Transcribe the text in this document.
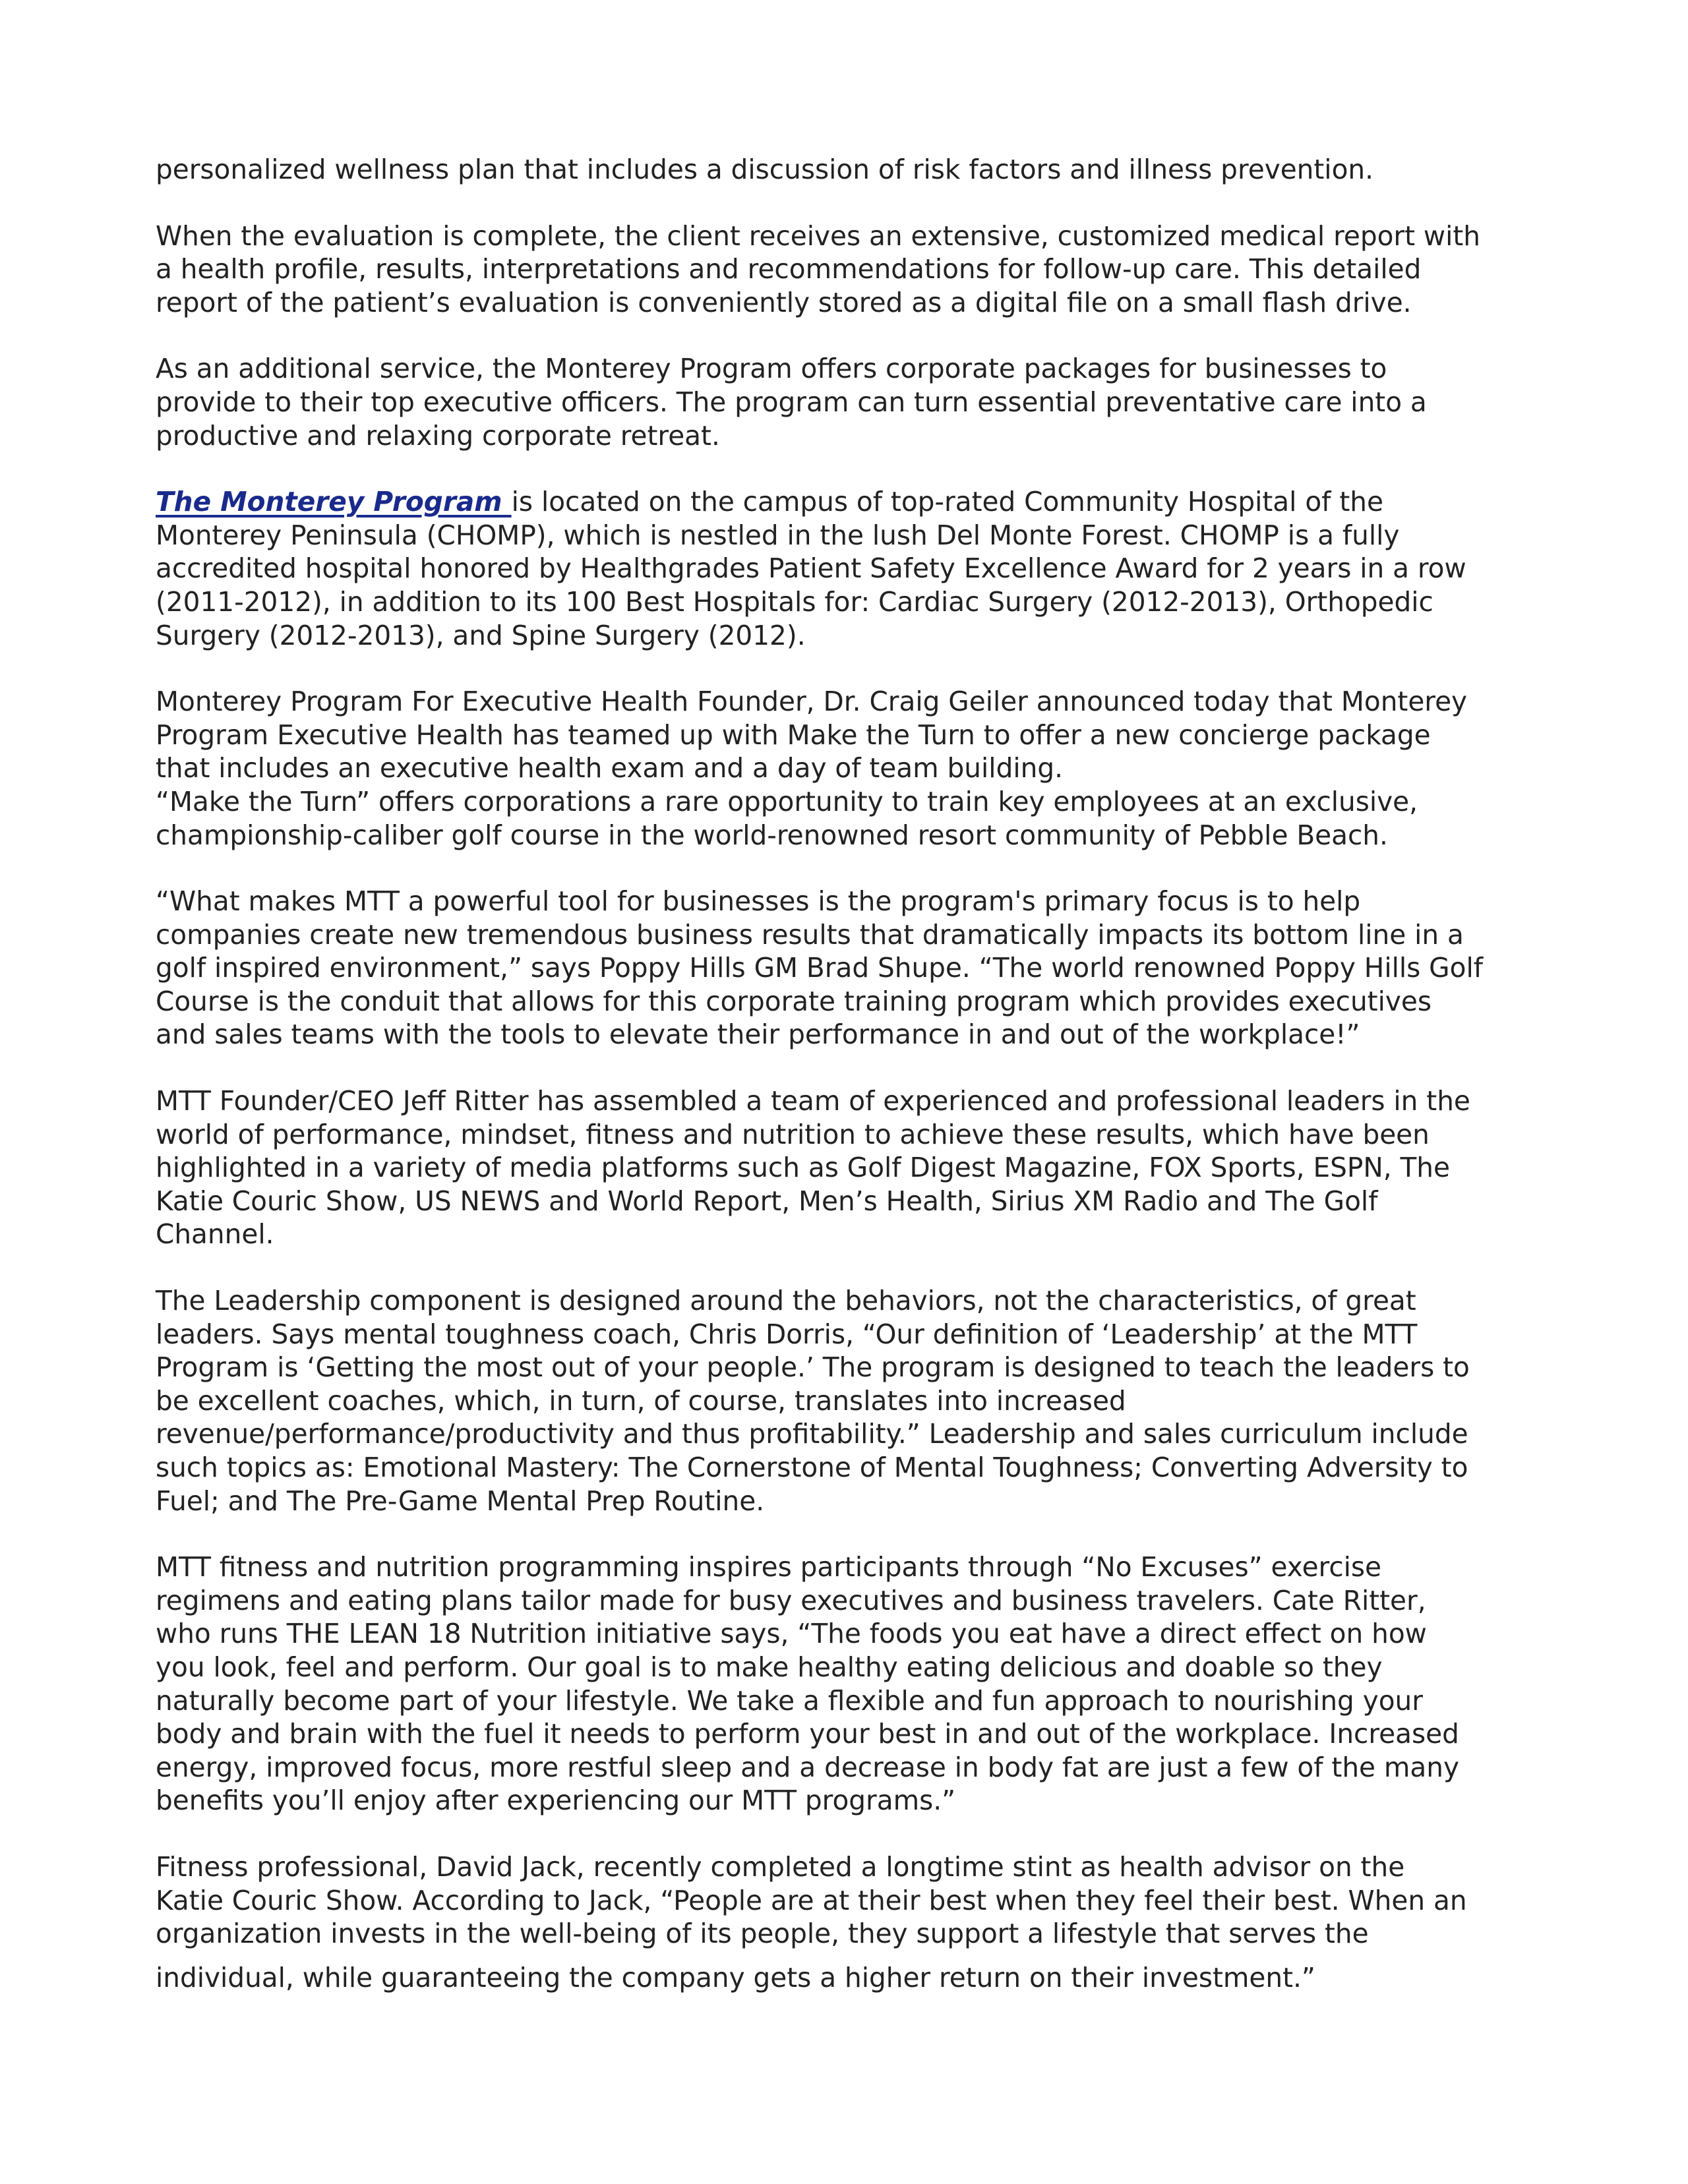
personalized wellness plan that includes a discussion of risk factors and illness prevention.

When the evaluation is complete, the client receives an extensive, customized medical report with
a health profile, results, interpretations and recommendations for follow-up care. This detailed
report of the patient’s evaluation is conveniently stored as a digital file on a small flash drive.

As an additional service, the Monterey Program offers corporate packages for businesses to
provide to their top executive officers. The program can turn essential preventative care into a
productive and relaxing corporate retreat.

The Monterey Program is located on the campus of top-rated Community Hospital of the
Monterey Peninsula (CHOMP), which is nestled in the lush Del Monte Forest. CHOMP is a fully
accredited hospital honored by Healthgrades Patient Safety Excellence Award for 2 years in a row
(2011-2012), in addition to its 100 Best Hospitals for: Cardiac Surgery (2012-2013), Orthopedic
Surgery (2012-2013), and Spine Surgery (2012).

Monterey Program For Executive Health Founder, Dr. Craig Geiler announced today that Monterey
Program Executive Health has teamed up with Make the Turn to offer a new concierge package
that includes an executive health exam and a day of team building.

“Make the Turn” offers corporations a rare opportunity to train key employees at an exclusive,
championship-caliber golf course in the world-renowned resort community of Pebble Beach.

“What makes MTT a powerful tool for businesses is the program's primary focus is to help
companies create new tremendous business results that dramatically impacts its bottom line in a
golf inspired environment,” says Poppy Hills GM Brad Shupe. “The world renowned Poppy Hills Golf
Course is the conduit that allows for this corporate training program which provides executives
and sales teams with the tools to elevate their performance in and out of the workplace!”

MTT Founder/CEO Jeff Ritter has assembled a team of experienced and professional leaders in the
world of performance, mindset, fitness and nutrition to achieve these results, which have been
highlighted in a variety of media platforms such as Golf Digest Magazine, FOX Sports, ESPN, The
Katie Couric Show, US NEWS and World Report, Men’s Health, Sirius XM Radio and The Golf
Channel.

The Leadership component is designed around the behaviors, not the characteristics, of great
leaders. Says mental toughness coach, Chris Dorris, “Our definition of ‘Leadership’ at the MTT
Program is ‘Getting the most out of your people.’ The program is designed to teach the leaders to
be excellent coaches, which, in turn, of course, translates into increased
revenue/performance/productivity and thus profitability.” Leadership and sales curriculum include
such topics as: Emotional Mastery: The Cornerstone of Mental Toughness; Converting Adversity to
Fuel; and The Pre-Game Mental Prep Routine.

MTT fitness and nutrition programming inspires participants through “No Excuses” exercise
regimens and eating plans tailor made for busy executives and business travelers. Cate Ritter,
who runs THE LEAN 18 Nutrition initiative says, “The foods you eat have a direct effect on how
you look, feel and perform. Our goal is to make healthy eating delicious and doable so they
naturally become part of your lifestyle. We take a flexible and fun approach to nourishing your
body and brain with the fuel it needs to perform your best in and out of the workplace. Increased
energy, improved focus, more restful sleep and a decrease in body fat are just a few of the many
benefits you’ll enjoy after experiencing our MTT programs.”

Fitness professional, David Jack, recently completed a longtime stint as health advisor on the
Katie Couric Show. According to Jack, “People are at their best when they feel their best. When an
organization invests in the well-being of its people, they support a lifestyle that serves the
individual, while guaranteeing the company gets a higher return on their investment.”
